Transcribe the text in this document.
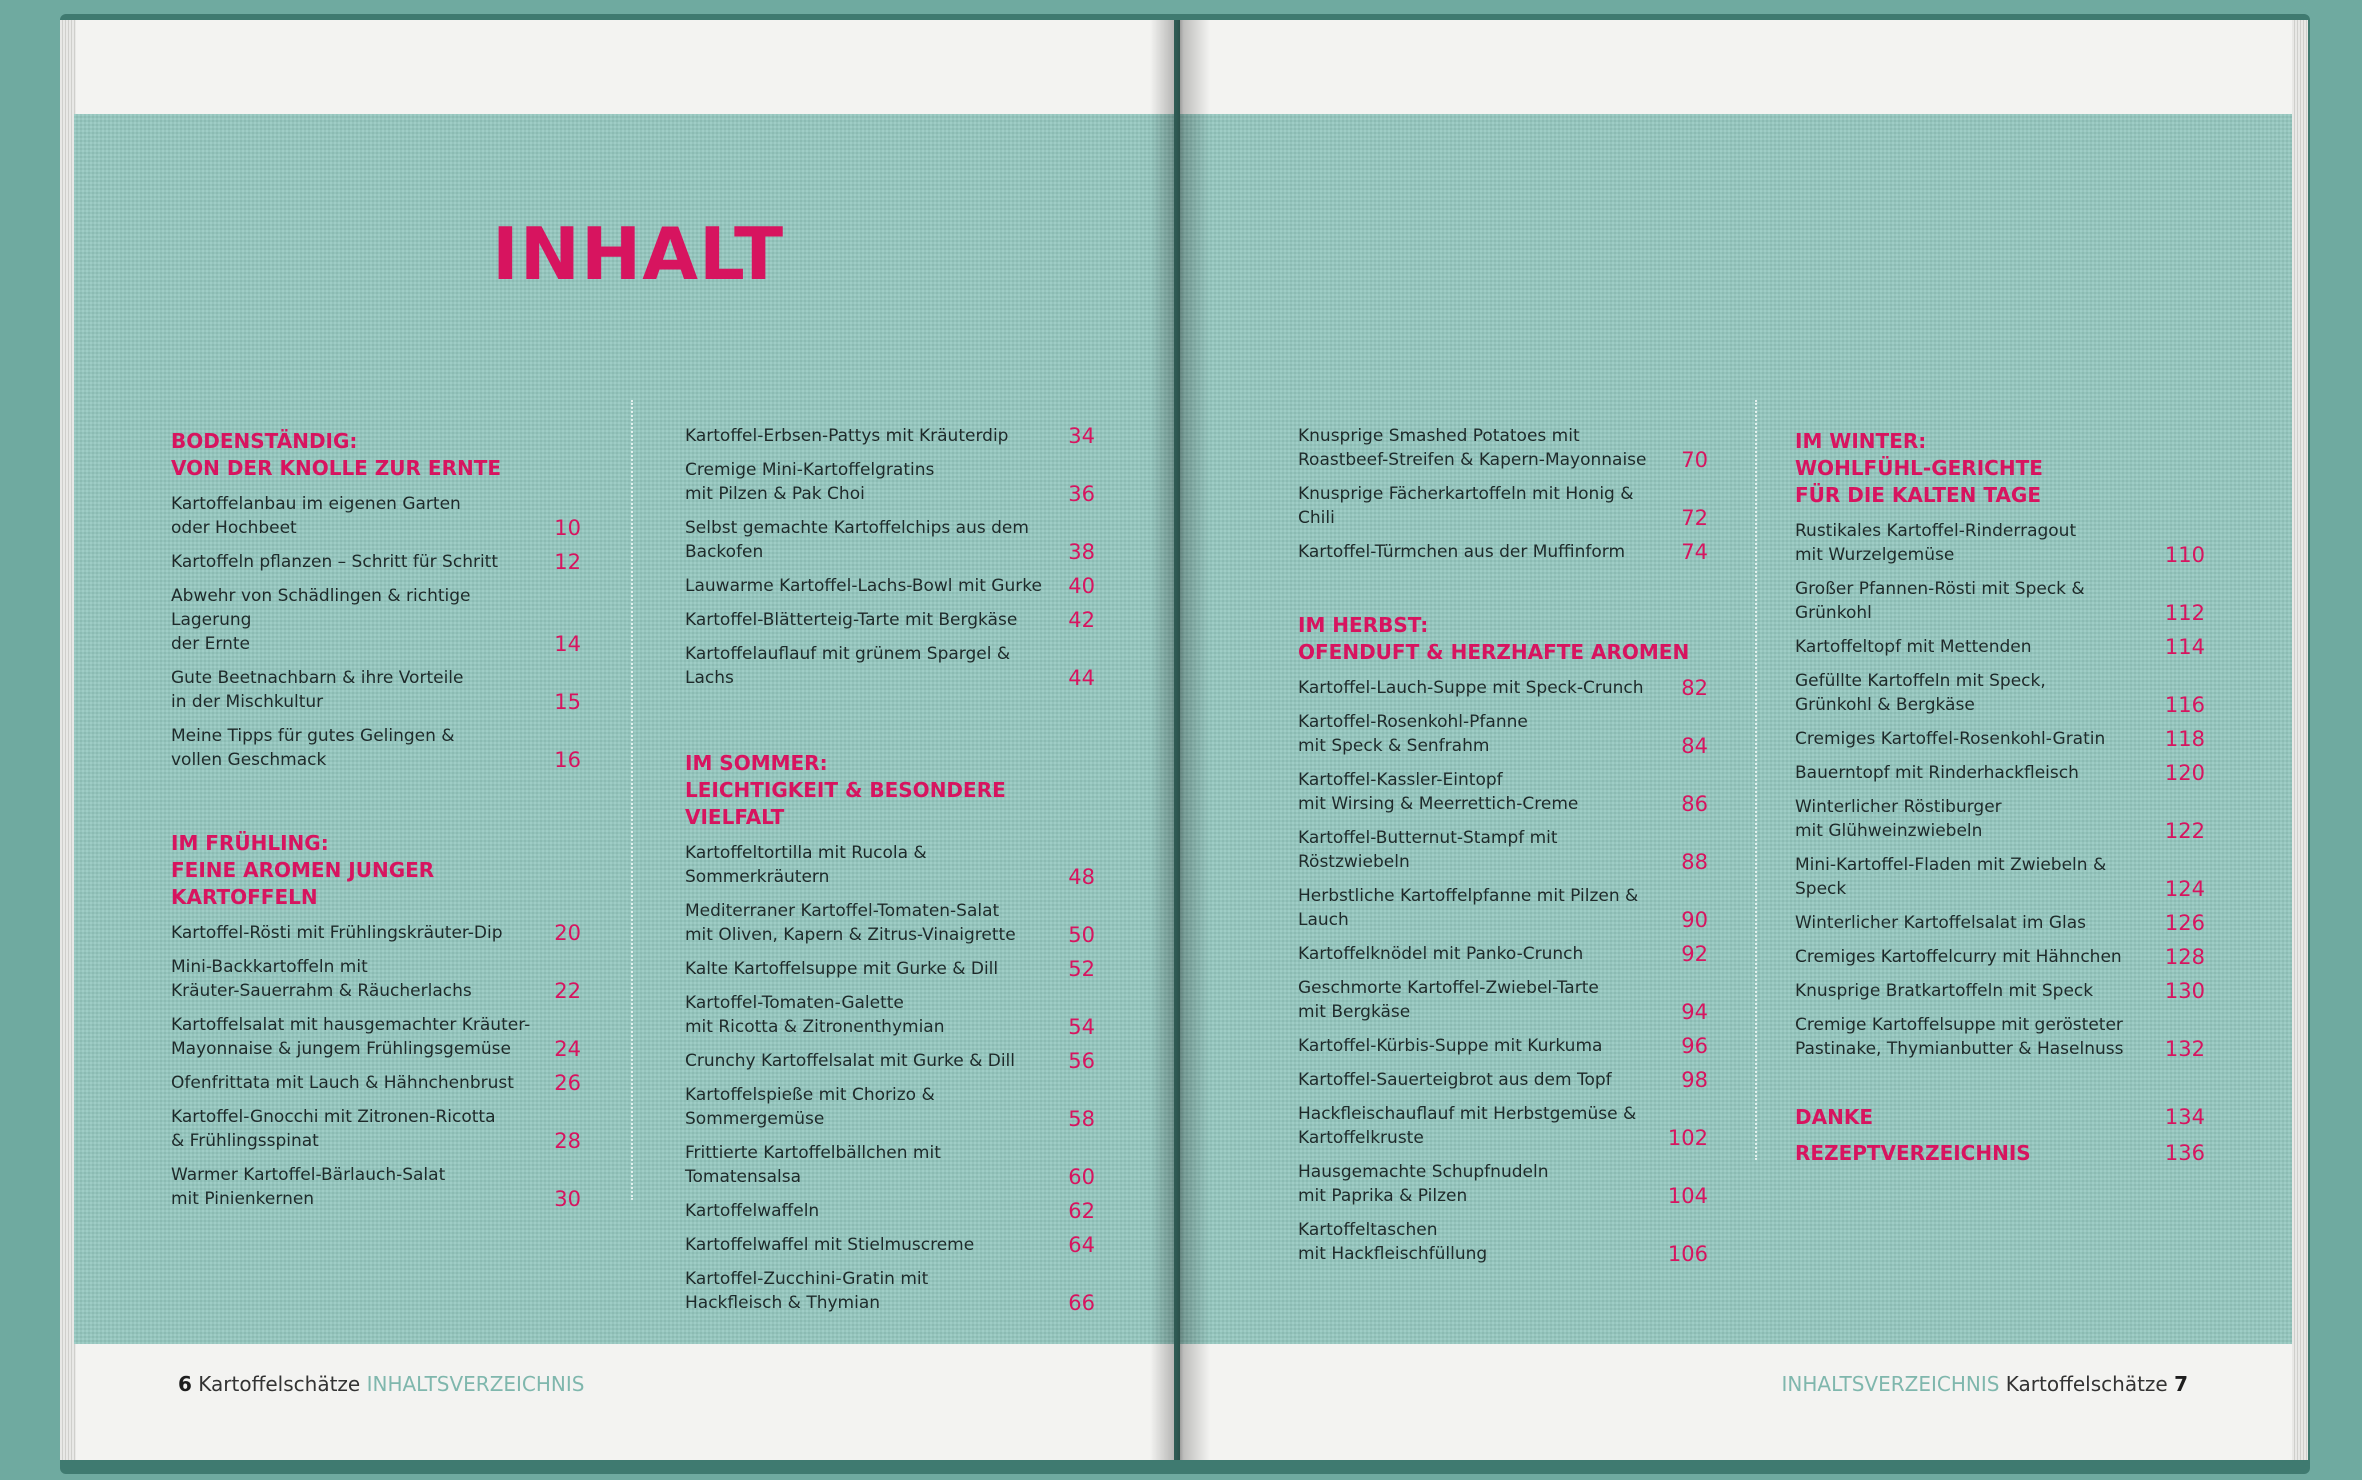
INHALT
BODENSTÄNDIG:
VON DER KNOLLE ZUR ERNTE
Kartoffelanbau im eigenen Garten
oder Hochbeet	10
Kartoffeln pflanzen – Schritt für Schritt	12
Abwehr von Schädlingen & richtige Lagerung
der Ernte	14
Gute Beetnachbarn & ihre Vorteile
in der Mischkultur	15
Meine Tipps für gutes Gelingen &
vollen Geschmack	16
IM FRÜHLING:
FEINE AROMEN JUNGER KARTOFFELN
Kartoffel-Rösti mit Frühlingskräuter-Dip 20
Mini-Backkartoffeln mit
Kräuter-Sauerrahm & Räucherlachs	22
Kartoffelsalat mit hausgemachter Kräuter-
Mayonnaise & jungem Frühlingsgemüse	24
Ofenfrittata mit Lauch & Hähnchenbrust 26
Kartoffel-Gnocchi mit Zitronen-Ricotta
& Frühlingsspinat	28
Warmer Kartoffel-Bärlauch-Salat
mit Pinienkernen	30
Kartoffel-Erbsen-Pattys mit Kräuterdip	34
Cremige Mini-Kartoffelgratins
mit Pilzen & Pak Choi	36
Selbst gemachte Kartoffelchips aus dem Backofen	38
Lauwarme Kartoffel-Lachs-Bowl mit Gurke 40
Kartoffel-Blätterteig-Tarte mit Bergkäse 42
Kartoffelauflauf mit grünem Spargel & Lachs	44
IM SOMMER:
LEICHTIGKEIT & BESONDERE VIELFALT
Kartoffeltortilla mit Rucola & Sommerkräutern	48
Mediterraner Kartoffel-Tomaten-Salat
mit Oliven, Kapern & Zitrus-Vinaigrette	50
Kalte Kartoffelsuppe mit Gurke & Dill	52
Kartoffel-Tomaten-Galette
mit Ricotta & Zitronenthymian	54
Crunchy Kartoffelsalat mit Gurke & Dill	56
Kartoffelspieße mit Chorizo & Sommergemüse	58
Frittierte Kartoffelbällchen mit Tomatensalsa	60
Kartoffelwaffeln	62
Kartoffelwaffel mit Stielmuscreme	64
Kartoffel-Zucchini-Gratin mit
Hackfleisch & Thymian	66
Knusprige Smashed Potatoes mit
Roastbeef-Streifen & Kapern-Mayonnaise 70
Knusprige Fächerkartoffeln mit Honig & Chili	72
Kartoffel-Türmchen aus der Muffinform	74
IM HERBST:
OFENDUFT & HERZHAFTE AROMEN
Kartoffel-Lauch-Suppe mit Speck-Crunch 82
Kartoffel-Rosenkohl-Pfanne
mit Speck & Senfrahm	84
Kartoffel-Kassler-Eintopf
mit Wirsing & Meerrettich-Creme	86
Kartoffel-Butternut-Stampf mit Röstzwiebeln	88
Herbstliche Kartoffelpfanne mit Pilzen & Lauch	90
Kartoffelknödel mit Panko-Crunch	92
Geschmorte Kartoffel-Zwiebel-Tarte
mit Bergkäse	94
Kartoffel-Kürbis-Suppe mit Kurkuma	96
Kartoffel-Sauerteigbrot aus dem Topf	98
Hackfleischauflauf mit Herbstgemüse &
Kartoffelkruste	102
Hausgemachte Schupfnudeln
mit Paprika & Pilzen	104
Kartoffeltaschen
mit Hackfleischfüllung	106
IM WINTER:
WOHLFÜHL-GERICHTE
FÜR DIE KALTEN TAGE
Rustikales Kartoffel-Rinderragout
mit Wurzelgemüse	110
Großer Pfannen-Rösti mit Speck & Grünkohl	112
Kartoffeltopf mit Mettenden	114
Gefüllte Kartoffeln mit Speck,
Grünkohl & Bergkäse	116
Cremiges Kartoffel-Rosenkohl-Gratin	118
Bauerntopf mit Rinderhackfleisch	120
Winterlicher Röstiburger
mit Glühweinzwiebeln	122
Mini-Kartoffel-Fladen mit Zwiebeln & Speck	124
Winterlicher Kartoffelsalat im Glas	126
Cremiges Kartoffelcurry mit Hähnchen 128
Knusprige Bratkartoffeln mit Speck	130
Cremige Kartoffelsuppe mit gerösteter
Pastinake, Thymianbutter & Haselnuss 132
DANKE	134
REZEPTVERZEICHNIS	136
6 Kartoffelschätze INHALTSVERZEICHNIS	INHALTSVERZEICHNIS Kartoffelschätze 7
